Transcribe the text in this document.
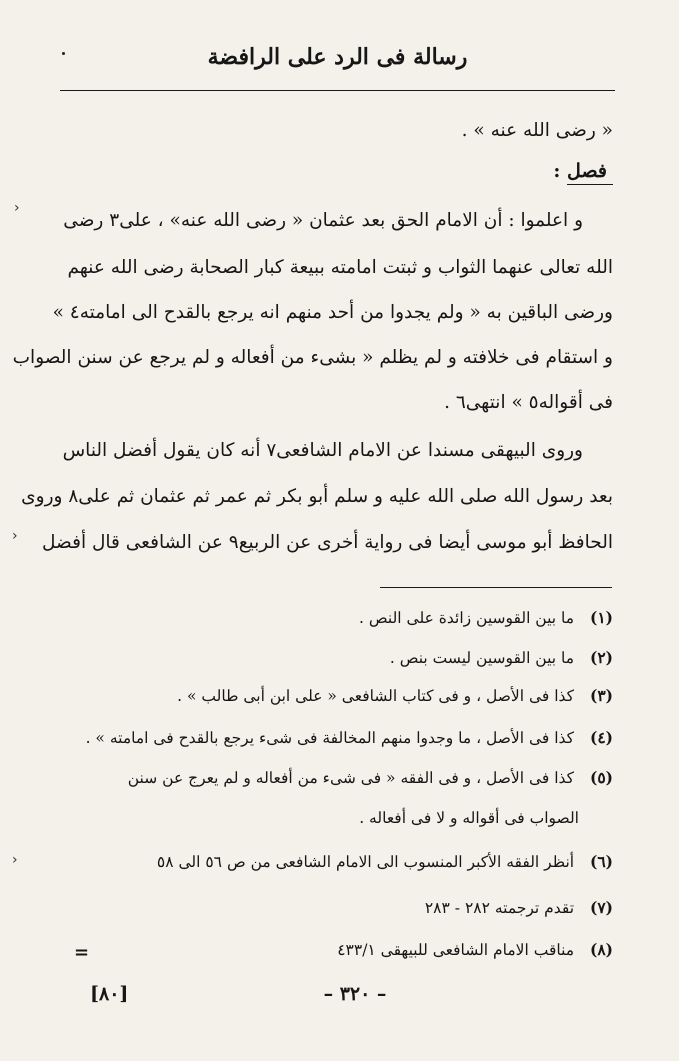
رسالة فى الرد على الرافضة

« رضى الله عنه » .

فصل :

و اعلموا : أن الامام الحق بعد عثمان « رضى الله عنه» ، على٣ رضى

الله تعالى عنهما الثواب و ثبتت امامته ببيعة كبار الصحابة رضى الله عنهم

ورضى الباقين به « ولم يجدوا من أحد منهم انه يرجع بالقدح الى امامته٤ »

و استقام فى خلافته و لم يظلم « بشىء من أفعاله و لم يرجع عن سنن الصواب

فى أقواله٥ » انتهى٦ .

وروى البيهقى مسندا عن الامام الشافعى٧ أنه كان يقول أفضل الناس

بعد رسول الله صلى الله عليه و سلم أبو بكر ثم عمر ثم عثمان ثم على٨ وروى

الحافظ أبو موسى أيضا فى رواية أخرى عن الربيع٩ عن الشافعى قال أفضل

(١) ما بين القوسين زائدة على النص .
(٢) ما بين القوسين ليست بنص .
(٣) كذا فى الأصل ، و فى كتاب الشافعى « على ابن أبى طالب » .
(٤) كذا فى الأصل ، ما وجدوا منهم المخالفة فى شىء يرجع بالقدح فى امامته » .
(٥) كذا فى الأصل ، و فى الفقه « فى شىء من أفعاله و لم يعرج عن سنن
الصواب فى أقواله و لا فى أفعاله .
(٦) أنظر الفقه الأكبر المنسوب الى الامام الشافعى من ص ٥٦ الى ٥٨
(٧) تقدم ترجمته ٢٨٢ - ٢٨٣
(٨) مناقب الامام الشافعى للبيهقى ٤٣٣/١
=
[٨٠]	– ٣٢٠ –
›
›
›
